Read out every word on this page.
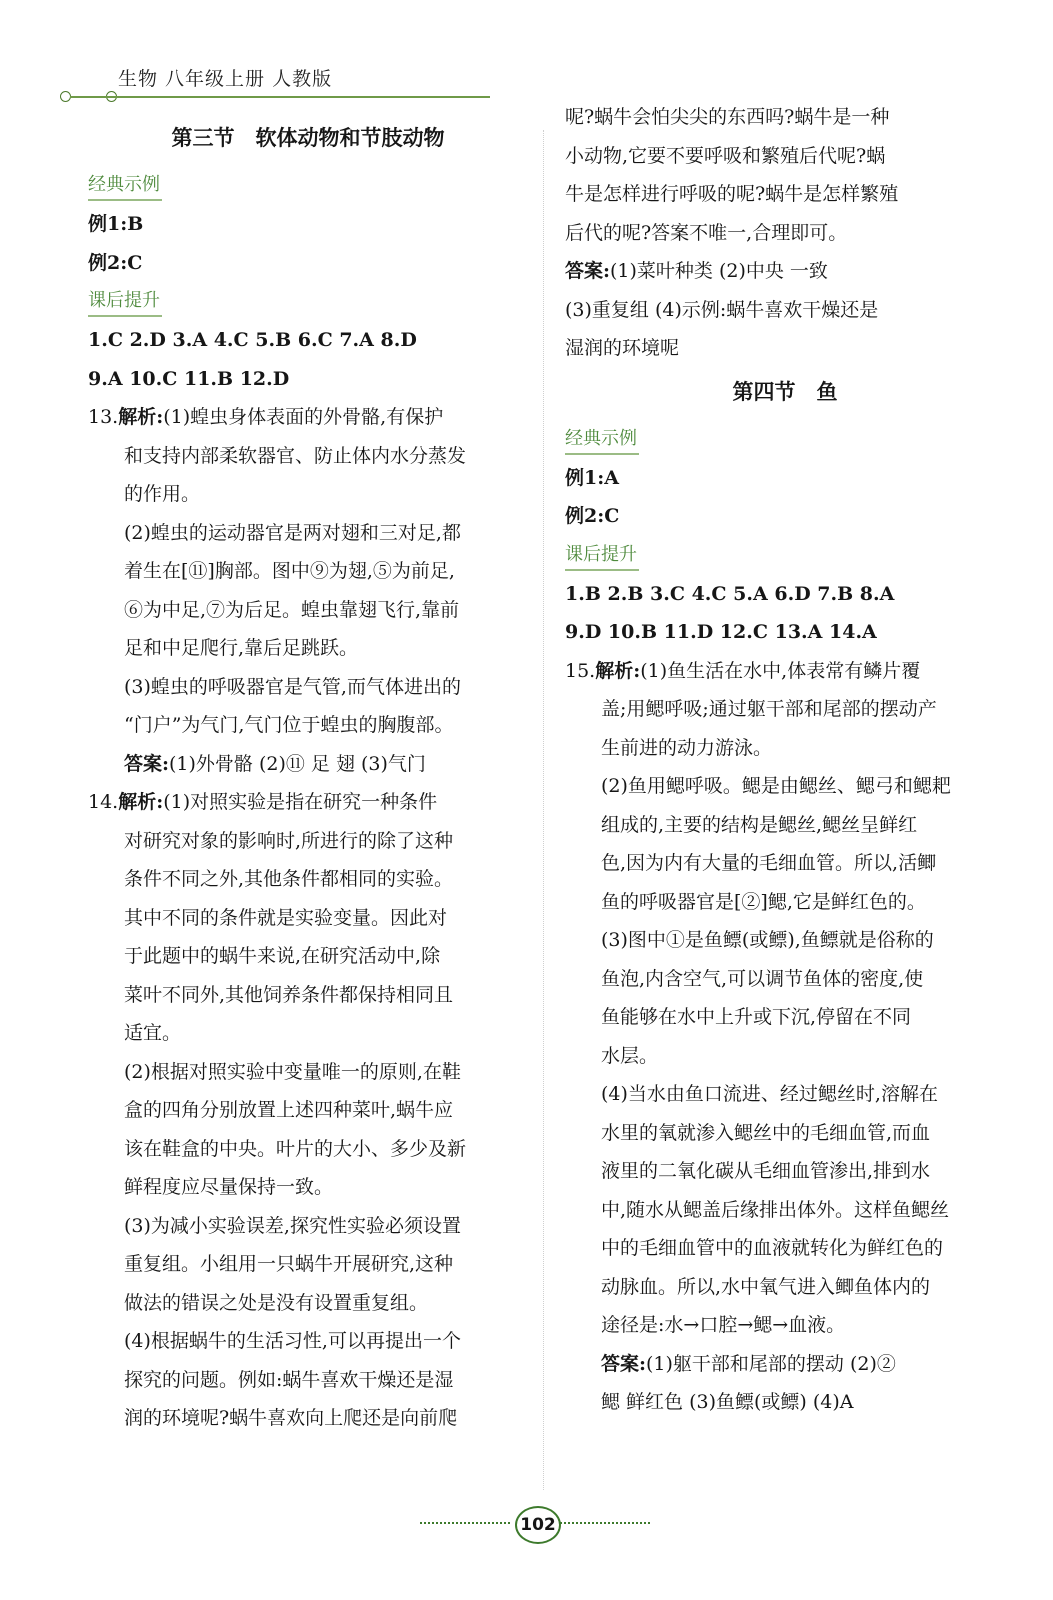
生物 八年级上册 人教版
第三节　软体动物和节肢动物
经典示例
例1:B
例2:C
课后提升
1.C 2.D 3.A 4.C 5.B 6.C 7.A 8.D
9.A 10.C 11.B 12.D
13.解析:(1)蝗虫身体表面的外骨骼,有保护
和支持内部柔软器官、防止体内水分蒸发
的作用。
(2)蝗虫的运动器官是两对翅和三对足,都
着生在[⑪]胸部。图中⑨为翅,⑤为前足,
⑥为中足,⑦为后足。蝗虫靠翅飞行,靠前
足和中足爬行,靠后足跳跃。
(3)蝗虫的呼吸器官是气管,而气体进出的
“门户”为气门,气门位于蝗虫的胸腹部。
答案:(1)外骨骼 (2)⑪ 足 翅 (3)气门
14.解析:(1)对照实验是指在研究一种条件
对研究对象的影响时,所进行的除了这种
条件不同之外,其他条件都相同的实验。
其中不同的条件就是实验变量。因此对
于此题中的蜗牛来说,在研究活动中,除
菜叶不同外,其他饲养条件都保持相同且
适宜。
(2)根据对照实验中变量唯一的原则,在鞋
盒的四角分别放置上述四种菜叶,蜗牛应
该在鞋盒的中央。叶片的大小、多少及新
鲜程度应尽量保持一致。
(3)为减小实验误差,探究性实验必须设置
重复组。小组用一只蜗牛开展研究,这种
做法的错误之处是没有设置重复组。
(4)根据蜗牛的生活习性,可以再提出一个
探究的问题。例如:蜗牛喜欢干燥还是湿
润的环境呢?蜗牛喜欢向上爬还是向前爬
呢?蜗牛会怕尖尖的东西吗?蜗牛是一种
小动物,它要不要呼吸和繁殖后代呢?蜗
牛是怎样进行呼吸的呢?蜗牛是怎样繁殖
后代的呢?答案不唯一,合理即可。
答案:(1)菜叶种类 (2)中央 一致
(3)重复组 (4)示例:蜗牛喜欢干燥还是
湿润的环境呢
第四节　鱼
经典示例
例1:A
例2:C
课后提升
1.B 2.B 3.C 4.C 5.A 6.D 7.B 8.A
9.D 10.B 11.D 12.C 13.A 14.A
15.解析:(1)鱼生活在水中,体表常有鳞片覆
盖;用鳃呼吸;通过躯干部和尾部的摆动产
生前进的动力游泳。
(2)鱼用鳃呼吸。鳃是由鳃丝、鳃弓和鳃耙
组成的,主要的结构是鳃丝,鳃丝呈鲜红
色,因为内有大量的毛细血管。所以,活鲫
鱼的呼吸器官是[②]鳃,它是鲜红色的。
(3)图中①是鱼鳔(或鳔),鱼鳔就是俗称的
鱼泡,内含空气,可以调节鱼体的密度,使
鱼能够在水中上升或下沉,停留在不同
水层。
(4)当水由鱼口流进、经过鳃丝时,溶解在
水里的氧就渗入鳃丝中的毛细血管,而血
液里的二氧化碳从毛细血管渗出,排到水
中,随水从鳃盖后缘排出体外。这样鱼鳃丝
中的毛细血管中的血液就转化为鲜红色的
动脉血。所以,水中氧气进入鲫鱼体内的
途径是:水→口腔→鳃→血液。
答案:(1)躯干部和尾部的摆动 (2)②
鳃 鲜红色 (3)鱼鳔(或鳔) (4)A
102
